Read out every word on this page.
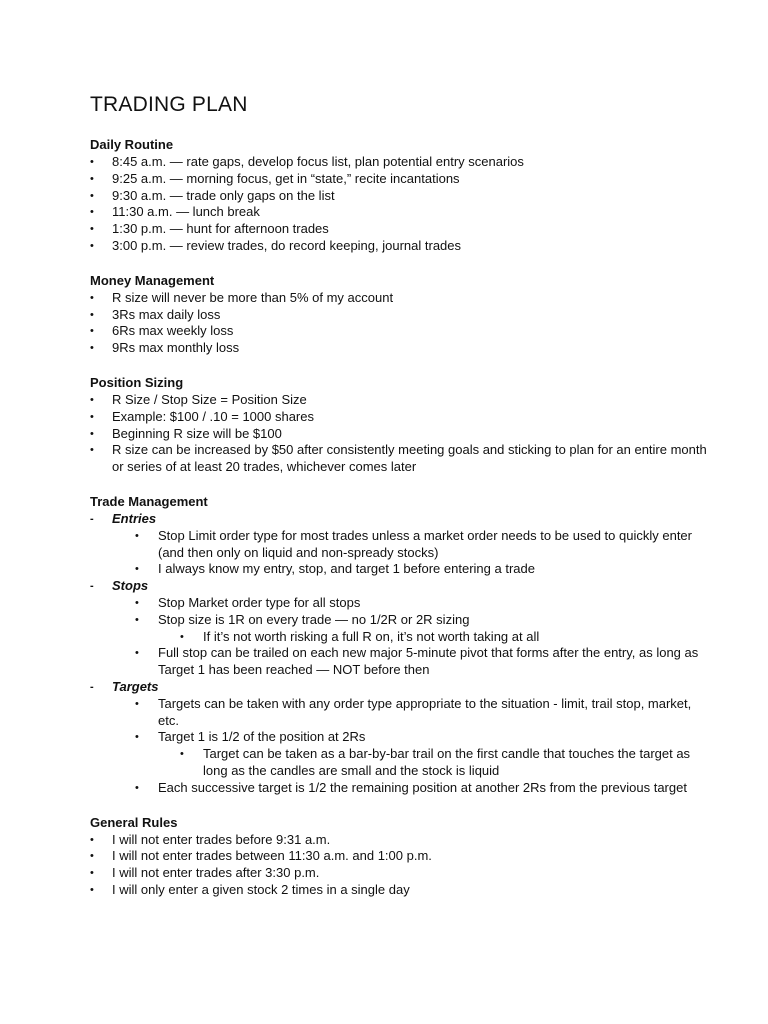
TRADING PLAN
Daily Routine
• 8:45 a.m. — rate gaps, develop focus list, plan potential entry scenarios
• 9:25 a.m. — morning focus, get in “state,” recite incantations
• 9:30 a.m. — trade only gaps on the list
• 11:30 a.m. — lunch break
• 1:30 p.m. — hunt for afternoon trades
• 3:00 p.m. — review trades, do record keeping, journal trades
Money Management
• R size will never be more than 5% of my account
• 3Rs max daily loss
• 6Rs max weekly loss
• 9Rs max monthly loss
Position Sizing
• R Size / Stop Size = Position Size
• Example: $100 / .10 = 1000 shares
• Beginning R size will be $100
• R size can be increased by $50 after consistently meeting goals and sticking to plan for an entire month or series of at least 20 trades, whichever comes later
Trade Management
- Entries
• Stop Limit order type for most trades unless a market order needs to be used to quickly enter (and then only on liquid and non-spready stocks)
• I always know my entry, stop, and target 1 before entering a trade
- Stops
• Stop Market order type for all stops
• Stop size is 1R on every trade — no 1/2R or 2R sizing
• If it’s not worth risking a full R on, it’s not worth taking at all
• Full stop can be trailed on each new major 5-minute pivot that forms after the entry, as long as Target 1 has been reached — NOT before then
- Targets
• Targets can be taken with any order type appropriate to the situation - limit, trail stop, market, etc.
• Target 1 is 1/2 of the position at 2Rs
• Target can be taken as a bar-by-bar trail on the first candle that touches the target as long as the candles are small and the stock is liquid
• Each successive target is 1/2 the remaining position at another 2Rs from the previous target
General Rules
• I will not enter trades before 9:31 a.m.
• I will not enter trades between 11:30 a.m. and 1:00 p.m.
• I will not enter trades after 3:30 p.m.
• I will only enter a given stock 2 times in a single day
